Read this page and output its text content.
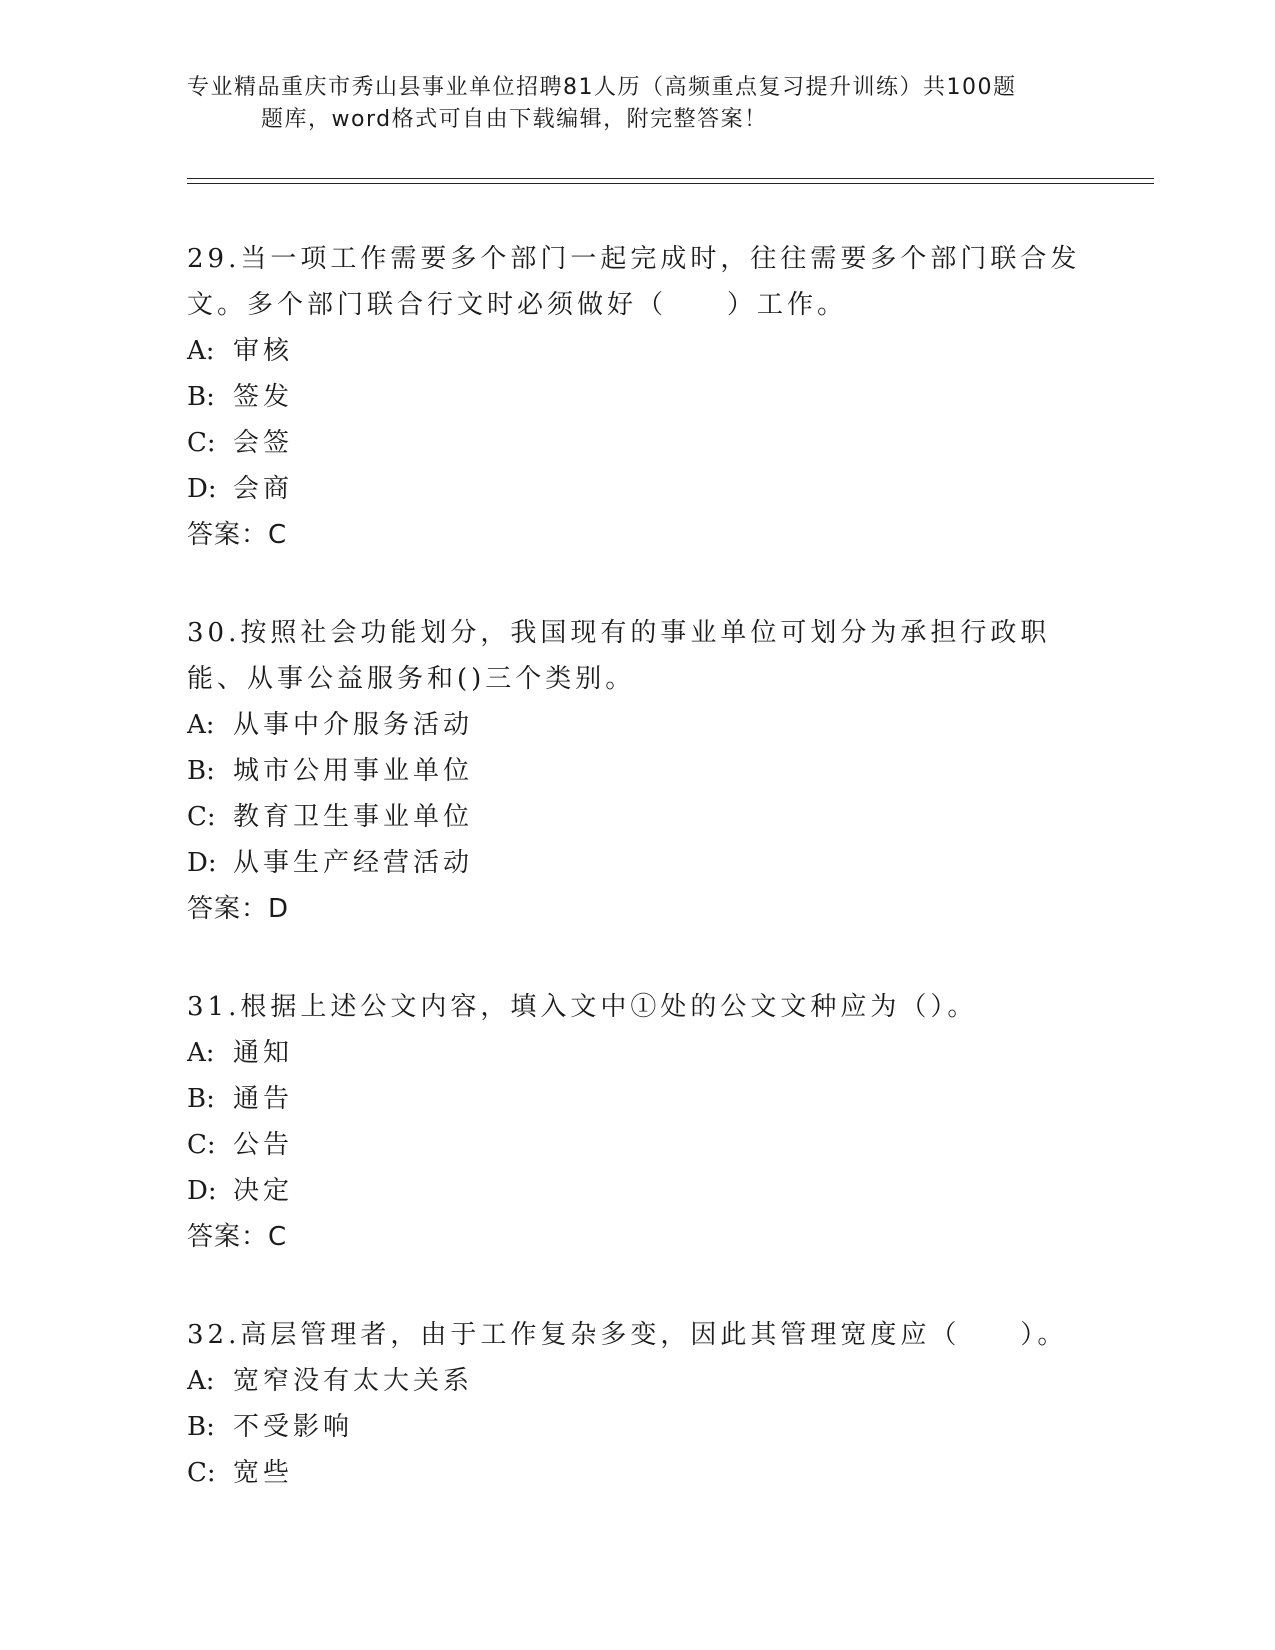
专业精品重庆市秀山县事业单位招聘81人历（高频重点复习提升训练）共100题
题库，word格式可自由下载编辑，附完整答案！

29.当一项工作需要多个部门一起完成时，往往需要多个部门联合发文。多个部门联合行文时必须做好（　　）工作。

A: 审核

B: 签发

C: 会签

D: 会商

答案：C

30.按照社会功能划分，我国现有的事业单位可划分为承担行政职能、从事公益服务和()三个类别。

A: 从事中介服务活动

B: 城市公用事业单位

C: 教育卫生事业单位

D: 从事生产经营活动

答案：D

31.根据上述公文内容，填入文中①处的公文文种应为（）。

A: 通知

B: 通告

C: 公告

D: 决定

答案：C

32.高层管理者，由于工作复杂多变，因此其管理宽度应（　　）。

A: 宽窄没有太大关系

B: 不受影响

C: 宽些
